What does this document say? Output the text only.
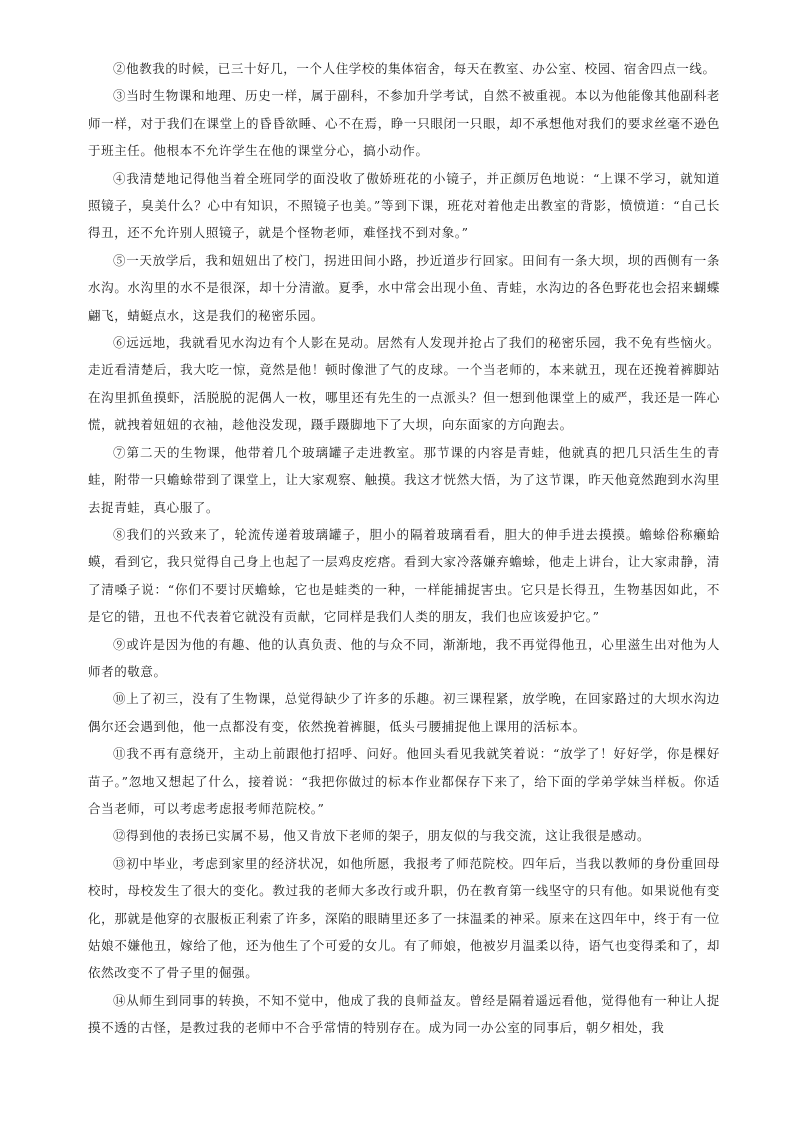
②他教我的时候，已三十好几，一个人住学校的集体宿舍，每天在教室、办公室、校园、宿舍四点一线。

③当时生物课和地理、历史一样，属于副科，不参加升学考试，自然不被重视。本以为他能像其他副科老师一样，对于我们在课堂上的昏昏欲睡、心不在焉，睁一只眼闭一只眼，却不承想他对我们的要求丝毫不逊色于班主任。他根本不允许学生在他的课堂分心，搞小动作。

④我清楚地记得他当着全班同学的面没收了傲娇班花的小镜子，并正颜厉色地说：“上课不学习，就知道照镜子，臭美什么？心中有知识，不照镜子也美。”等到下课，班花对着他走出教室的背影，愤愤道：“自己长得丑，还不允许别人照镜子，就是个怪物老师，难怪找不到对象。”

⑤一天放学后，我和妞妞出了校门，拐进田间小路，抄近道步行回家。田间有一条大坝，坝的西侧有一条水沟。水沟里的水不是很深，却十分清澈。夏季，水中常会出现小鱼、青蛙，水沟边的各色野花也会招来蝴蝶翩飞，蜻蜓点水，这是我们的秘密乐园。

⑥远远地，我就看见水沟边有个人影在晃动。居然有人发现并抢占了我们的秘密乐园，我不免有些恼火。走近看清楚后，我大吃一惊，竟然是他！顿时像泄了气的皮球。一个当老师的，本来就丑，现在还挽着裤脚站在沟里抓鱼摸虾，活脱脱的泥偶人一枚，哪里还有先生的一点派头？但一想到他课堂上的威严，我还是一阵心慌，就拽着妞妞的衣袖，趁他没发现，蹑手蹑脚地下了大坝，向东面家的方向跑去。

⑦第二天的生物课，他带着几个玻璃罐子走进教室。那节课的内容是青蛙，他就真的把几只活生生的青蛙，附带一只蟾蜍带到了课堂上，让大家观察、触摸。我这才恍然大悟，为了这节课，昨天他竟然跑到水沟里去捉青蛙，真心服了。

⑧我们的兴致来了，轮流传递着玻璃罐子，胆小的隔着玻璃看看，胆大的伸手进去摸摸。蟾蜍俗称癞蛤蟆，看到它，我只觉得自己身上也起了一层鸡皮疙瘩。看到大家冷落嫌弃蟾蜍，他走上讲台，让大家肃静，清了清嗓子说：“你们不要讨厌蟾蜍，它也是蛙类的一种，一样能捕捉害虫。它只是长得丑，生物基因如此，不是它的错，丑也不代表着它就没有贡献，它同样是我们人类的朋友，我们也应该爱护它。”

⑨或许是因为他的有趣、他的认真负责、他的与众不同，渐渐地，我不再觉得他丑，心里滋生出对他为人师者的敬意。

⑩上了初三，没有了生物课，总觉得缺少了许多的乐趣。初三课程紧，放学晚，在回家路过的大坝水沟边偶尔还会遇到他，他一点都没有变，依然挽着裤腿，低头弓腰捕捉他上课用的活标本。

⑪我不再有意绕开，主动上前跟他打招呼、问好。他回头看见我就笑着说：“放学了！好好学，你是棵好苗子。”忽地又想起了什么，接着说：“我把你做过的标本作业都保存下来了，给下面的学弟学妹当样板。你适合当老师，可以考虑考虑报考师范院校。”

⑫得到他的表扬已实属不易，他又肯放下老师的架子，朋友似的与我交流，这让我很是感动。

⑬初中毕业，考虑到家里的经济状况，如他所愿，我报考了师范院校。四年后，当我以教师的身份重回母校时，母校发生了很大的变化。教过我的老师大多改行或升职，仍在教育第一线坚守的只有他。如果说他有变化，那就是他穿的衣服板正利索了许多，深陷的眼睛里还多了一抹温柔的神采。原来在这四年中，终于有一位姑娘不嫌他丑，嫁给了他，还为他生了个可爱的女儿。有了师娘，他被岁月温柔以待，语气也变得柔和了，却依然改变不了骨子里的倔强。

⑭从师生到同事的转换，不知不觉中，他成了我的良师益友。曾经是隔着遥远看他，觉得他有一种让人捉摸不透的古怪，是教过我的老师中不合乎常情的特别存在。成为同一办公室的同事后，朝夕相处，我
